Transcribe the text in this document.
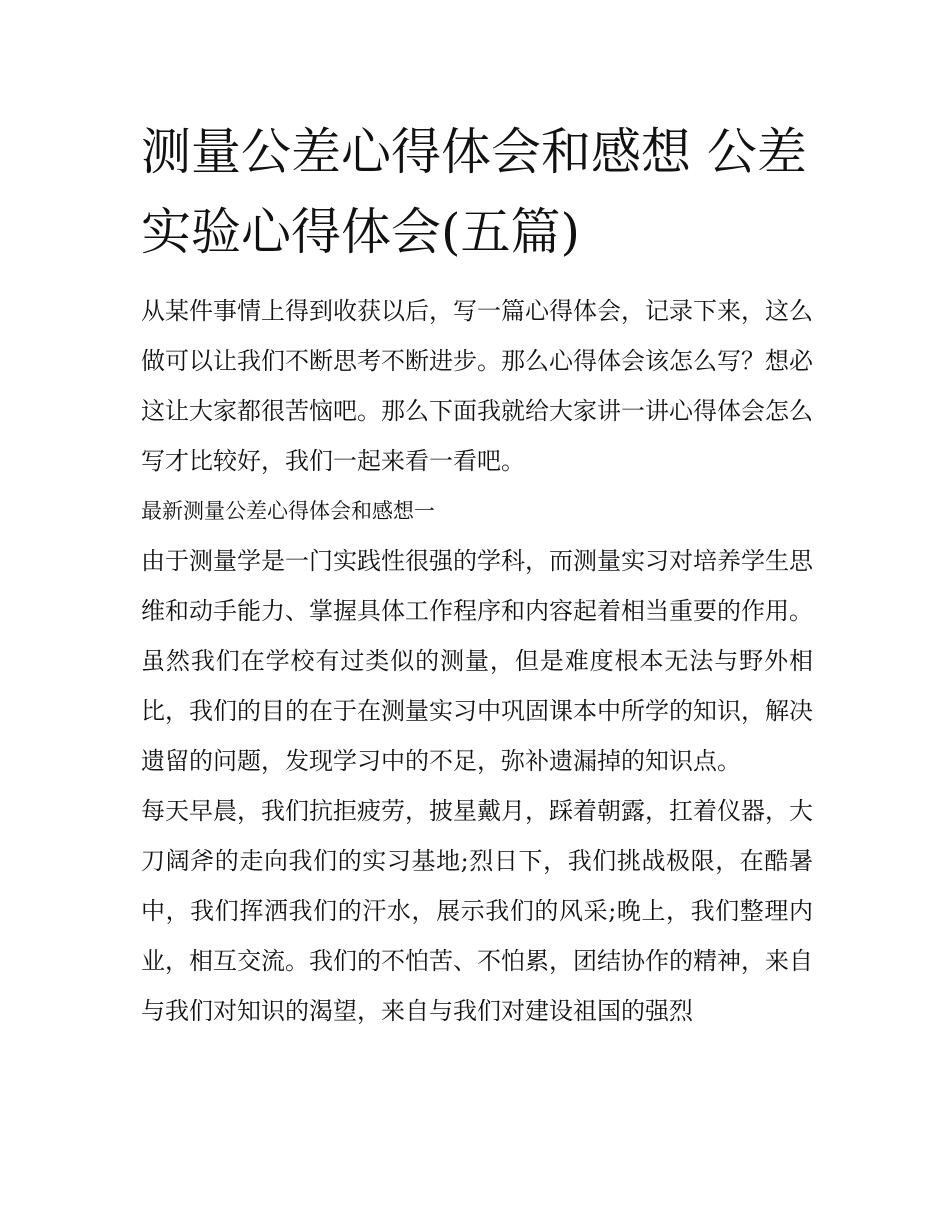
测量公差心得体会和感想 公差实验心得体会(五篇)

从某件事情上得到收获以后，写一篇心得体会，记录下来，这么做可以让我们不断思考不断进步。那么心得体会该怎么写？想必这让大家都很苦恼吧。那么下面我就给大家讲一讲心得体会怎么写才比较好，我们一起来看一看吧。

最新测量公差心得体会和感想一

由于测量学是一门实践性很强的学科，而测量实习对培养学生思维和动手能力、掌握具体工作程序和内容起着相当重要的作用。虽然我们在学校有过类似的测量，但是难度根本无法与野外相比，我们的目的在于在测量实习中巩固课本中所学的知识，解决遗留的问题，发现学习中的不足，弥补遗漏掉的知识点。

每天早晨，我们抗拒疲劳，披星戴月，踩着朝露，扛着仪器，大刀阔斧的走向我们的实习基地;烈日下，我们挑战极限，在酷暑中，我们挥洒我们的汗水，展示我们的风采;晚上，我们整理内业，相互交流。我们的不怕苦、不怕累，团结协作的精神，来自与我们对知识的渴望，来自与我们对建设祖国的强烈
